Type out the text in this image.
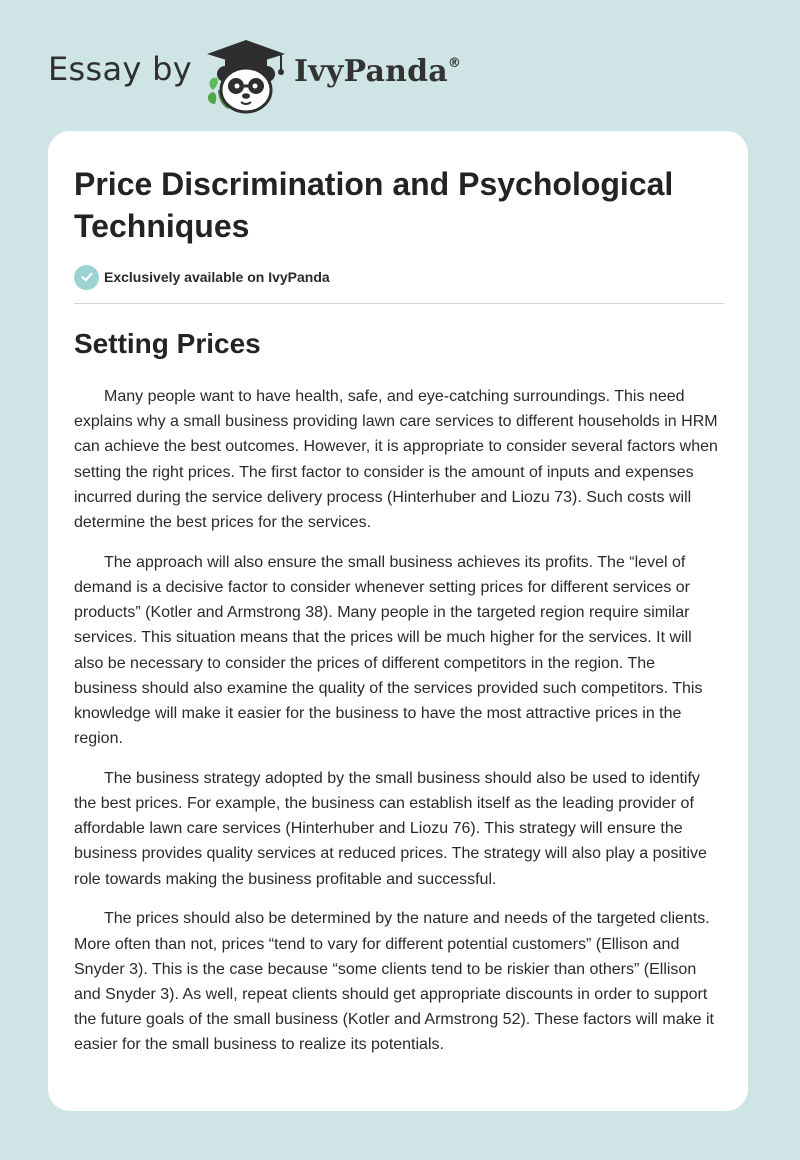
Essay by	IvyPanda®
Price Discrimination and Psychological Techniques
Exclusively available on IvyPanda
Setting Prices

Many people want to have health, safe, and eye-catching surroundings. This need explains why a small business providing lawn care services to different households in HRM can achieve the best outcomes. However, it is appropriate to consider several factors when setting the right prices. The first factor to consider is the amount of inputs and expenses incurred during the service delivery process (Hinterhuber and Liozu 73). Such costs will determine the best prices for the services.

The approach will also ensure the small business achieves its profits. The “level of demand is a decisive factor to consider whenever setting prices for different services or products” (Kotler and Armstrong 38). Many people in the targeted region require similar services. This situation means that the prices will be much higher for the services. It will also be necessary to consider the prices of different competitors in the region. The business should also examine the quality of the services provided such competitors. This knowledge will make it easier for the business to have the most attractive prices in the region.

The business strategy adopted by the small business should also be used to identify the best prices. For example, the business can establish itself as the leading provider of affordable lawn care services (Hinterhuber and Liozu 76). This strategy will ensure the business provides quality services at reduced prices. The strategy will also play a positive role towards making the business profitable and successful.

The prices should also be determined by the nature and needs of the targeted clients. More often than not, prices “tend to vary for different potential customers” (Ellison and Snyder 3). This is the case because “some clients tend to be riskier than others” (Ellison and Snyder 3). As well, repeat clients should get appropriate discounts in order to support the future goals of the small business (Kotler and Armstrong 52). These factors will make it easier for the small business to realize its potentials.
